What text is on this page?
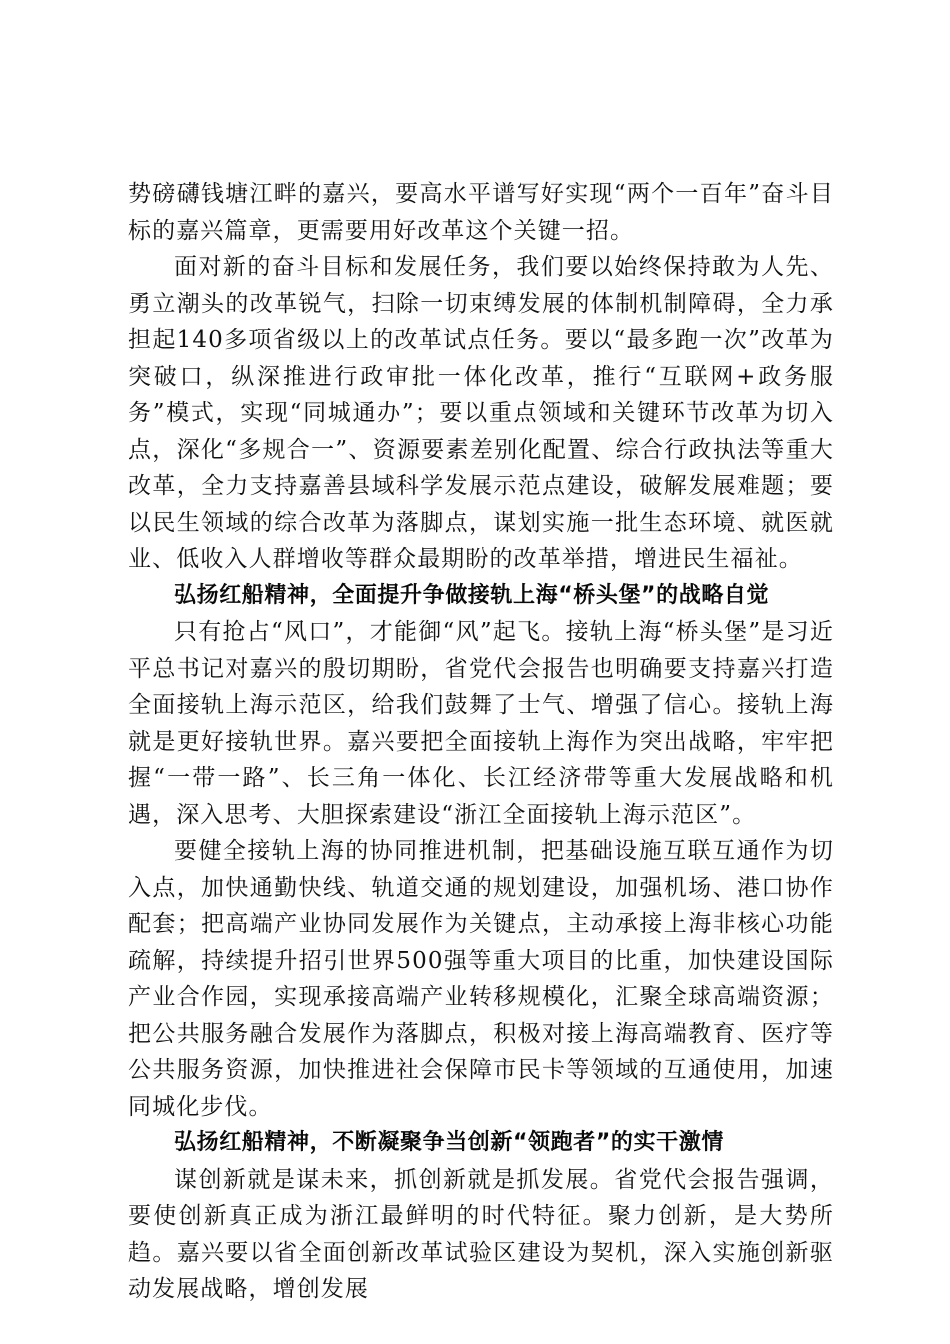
势磅礴钱塘江畔的嘉兴，要高水平谱写好实现“两个一百年”奋斗目标的嘉兴篇章，更需要用好改革这个关键一招。

面对新的奋斗目标和发展任务，我们要以始终保持敢为人先、勇立潮头的改革锐气，扫除一切束缚发展的体制机制障碍，全力承担起140多项省级以上的改革试点任务。要以“最多跑一次”改革为突破口，纵深推进行政审批一体化改革，推行“互联网+政务服务”模式，实现“同城通办”；要以重点领域和关键环节改革为切入点，深化“多规合一”、资源要素差别化配置、综合行政执法等重大改革，全力支持嘉善县域科学发展示范点建设，破解发展难题；要以民生领域的综合改革为落脚点，谋划实施一批生态环境、就医就业、低收入人群增收等群众最期盼的改革举措，增进民生福祉。

弘扬红船精神，全面提升争做接轨上海“桥头堡”的战略自觉

只有抢占“风口”，才能御“风”起飞。接轨上海“桥头堡”是习近平总书记对嘉兴的殷切期盼，省党代会报告也明确要支持嘉兴打造全面接轨上海示范区，给我们鼓舞了士气、增强了信心。接轨上海就是更好接轨世界。嘉兴要把全面接轨上海作为突出战略，牢牢把握“一带一路”、长三角一体化、长江经济带等重大发展战略和机遇，深入思考、大胆探索建设“浙江全面接轨上海示范区”。

要健全接轨上海的协同推进机制，把基础设施互联互通作为切入点，加快通勤快线、轨道交通的规划建设，加强机场、港口协作配套；把高端产业协同发展作为关键点，主动承接上海非核心功能疏解，持续提升招引世界500强等重大项目的比重，加快建设国际产业合作园，实现承接高端产业转移规模化，汇聚全球高端资源；把公共服务融合发展作为落脚点，积极对接上海高端教育、医疗等公共服务资源，加快推进社会保障市民卡等领域的互通使用，加速同城化步伐。

弘扬红船精神，不断凝聚争当创新“领跑者”的实干激情

谋创新就是谋未来，抓创新就是抓发展。省党代会报告强调，要使创新真正成为浙江最鲜明的时代特征。聚力创新，是大势所趋。嘉兴要以省全面创新改革试验区建设为契机，深入实施创新驱动发展战略，增创发展
